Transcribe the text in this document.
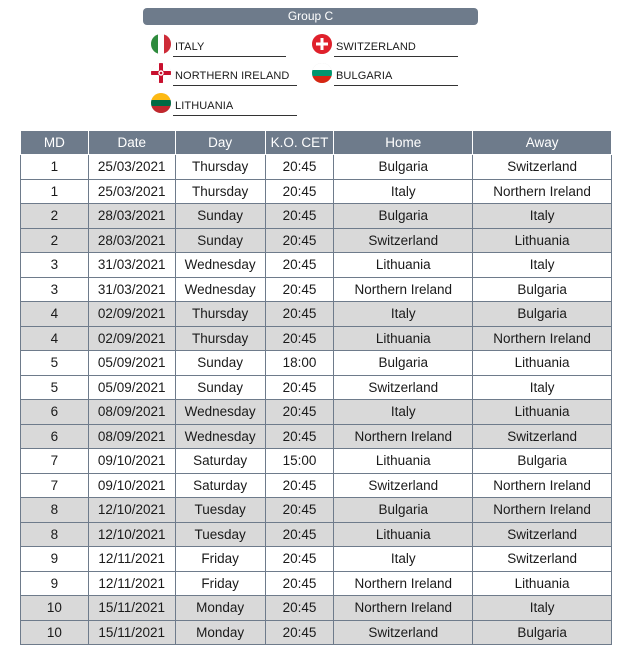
Group C
ITALY	SWITZERLAND
NORTHERN IRELAND	BULGARIA
LITHUANIA
MD	Date	Day	K.O. CET	Home	Away
1	25/03/2021	Thursday	20:45	Bulgaria	Switzerland
1	25/03/2021	Thursday	20:45	Italy	Northern Ireland
2	28/03/2021	Sunday	20:45	Bulgaria	Italy
2	28/03/2021	Sunday	20:45	Switzerland	Lithuania
3	31/03/2021	Wednesday	20:45	Lithuania	Italy
3	31/03/2021	Wednesday	20:45	Northern Ireland	Bulgaria
4	02/09/2021	Thursday	20:45	Italy	Bulgaria
4	02/09/2021	Thursday	20:45	Lithuania	Northern Ireland
5	05/09/2021	Sunday	18:00	Bulgaria	Lithuania
5	05/09/2021	Sunday	20:45	Switzerland	Italy
6	08/09/2021	Wednesday	20:45	Italy	Lithuania
6	08/09/2021	Wednesday	20:45	Northern Ireland	Switzerland
7	09/10/2021	Saturday	15:00	Lithuania	Bulgaria
7	09/10/2021	Saturday	20:45	Switzerland	Northern Ireland
8	12/10/2021	Tuesday	20:45	Bulgaria	Northern Ireland
8	12/10/2021	Tuesday	20:45	Lithuania	Switzerland
9	12/11/2021	Friday	20:45	Italy	Switzerland
9	12/11/2021	Friday	20:45	Northern Ireland	Lithuania
10	15/11/2021	Monday	20:45	Northern Ireland	Italy
10	15/11/2021	Monday	20:45	Switzerland	Bulgaria
